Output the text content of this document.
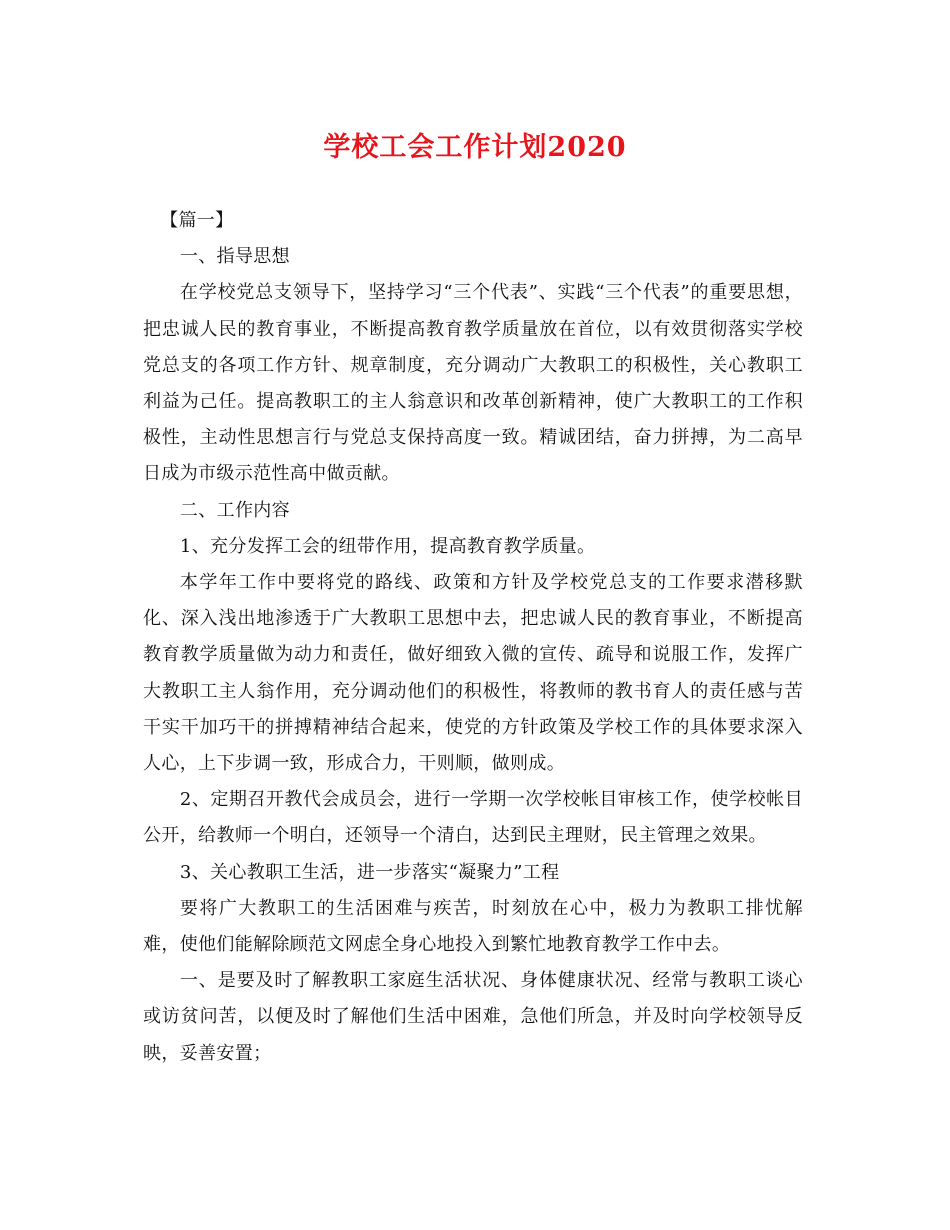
学校工会工作计划2020

【篇一】

一、指导思想

在学校党总支领导下，坚持学习“三个代表”、实践“三个代表”的重要思想，把忠诚人民的教育事业，不断提高教育教学质量放在首位，以有效贯彻落实学校党总支的各项工作方针、规章制度，充分调动广大教职工的积极性，关心教职工利益为己任。提高教职工的主人翁意识和改革创新精神，使广大教职工的工作积极性，主动性思想言行与党总支保持高度一致。精诚团结，奋力拼搏，为二高早日成为市级示范性高中做贡献。

二、工作内容

1、充分发挥工会的纽带作用，提高教育教学质量。

本学年工作中要将党的路线、政策和方针及学校党总支的工作要求潜移默化、深入浅出地渗透于广大教职工思想中去，把忠诚人民的教育事业，不断提高教育教学质量做为动力和责任，做好细致入微的宣传、疏导和说服工作，发挥广大教职工主人翁作用，充分调动他们的积极性，将教师的教书育人的责任感与苦干实干加巧干的拼搏精神结合起来，使党的方针政策及学校工作的具体要求深入人心，上下步调一致，形成合力，干则顺，做则成。

2、定期召开教代会成员会，进行一学期一次学校帐目审核工作，使学校帐目公开，给教师一个明白，还领导一个清白，达到民主理财，民主管理之效果。

3、关心教职工生活，进一步落实“凝聚力”工程

要将广大教职工的生活困难与疾苦，时刻放在心中，极力为教职工排忧解难，使他们能解除顾范文网虑全身心地投入到繁忙地教育教学工作中去。

一、是要及时了解教职工家庭生活状况、身体健康状况、经常与教职工谈心或访贫问苦，以便及时了解他们生活中困难，急他们所急，并及时向学校领导反映，妥善安置；
